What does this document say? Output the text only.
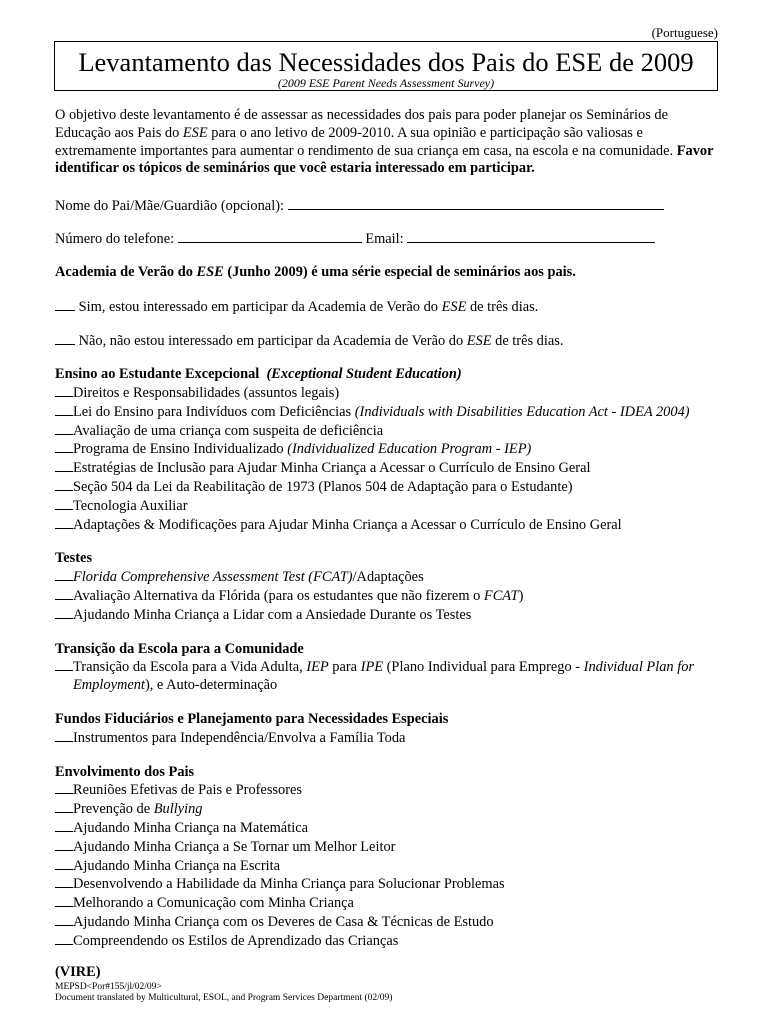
(Portuguese)
Levantamento das Necessidades dos Pais do ESE de 2009
(2009 ESE Parent Needs Assessment Survey)

O objetivo deste levantamento é de assessar as necessidades dos pais para poder planejar os Seminários de Educação aos Pais do ESE para o ano letivo de 2009-2010. A sua opinião e participação são valiosas e extremamente importantes para aumentar o rendimento de sua criança em casa, na escola e na comunidade. Favor identificar os tópicos de seminários que você estaria interessado em participar.

Nome do Pai/Mãe/Guardião (opcional):
Número do telefone:	Email:
Academia de Verão do ESE (Junho 2009) é uma série especial de seminários aos pais.
Sim, estou interessado em participar da Academia de Verão do ESE de três dias.
Não, não estou interessado em participar da Academia de Verão do ESE de três dias.
Ensino ao Estudante Excepcional (Exceptional Student Education)
Direitos e Responsabilidades (assuntos legais)
Lei do Ensino para Indivíduos com Deficiências (Individuals with Disabilities Education Act - IDEA 2004)
Avaliação de uma criança com suspeita de deficiência
Programa de Ensino Individualizado (Individualized Education Program - IEP)
Estratégias de Inclusão para Ajudar Minha Criança a Acessar o Currículo de Ensino Geral
Seção 504 da Lei da Reabilitação de 1973 (Planos 504 de Adaptação para o Estudante)
Tecnologia Auxiliar
Adaptações & Modificações para Ajudar Minha Criança a Acessar o Currículo de Ensino Geral
Testes
Florida Comprehensive Assessment Test (FCAT)/Adaptações
Avaliação Alternativa da Flórida (para os estudantes que não fizerem o FCAT)
Ajudando Minha Criança a Lidar com a Ansiedade Durante os Testes
Transição da Escola para a Comunidade
Transição da Escola para a Vida Adulta, IEP para IPE (Plano Individual para Emprego - Individual Plan for Employment), e Auto-determinação
Fundos Fiduciários e Planejamento para Necessidades Especiais
Instrumentos para Independência/Envolva a Família Toda
Envolvimento dos Pais
Reuniões Efetivas de Pais e Professores
Prevenção de Bullying
Ajudando Minha Criança na Matemática
Ajudando Minha Criança a Se Tornar um Melhor Leitor
Ajudando Minha Criança na Escrita
Desenvolvendo a Habilidade da Minha Criança para Solucionar Problemas
Melhorando a Comunicação com Minha Criança
Ajudando Minha Criança com os Deveres de Casa & Técnicas de Estudo
Compreendendo os Estilos de Aprendizado das Crianças
(VIRE)
MEPSD<Por#155/jl/02/09>
Document translated by Multicultural, ESOL, and Program Services Department (02/09)
